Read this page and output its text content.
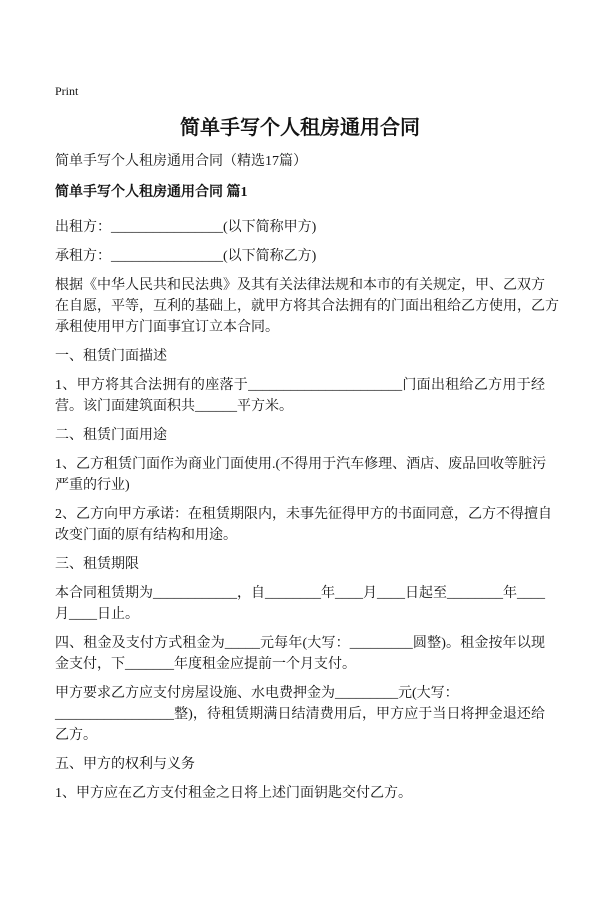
Print
简单手写个人租房通用合同
简单手写个人租房通用合同（精选17篇）
简单手写个人租房通用合同 篇1
出租方：________________(以下简称甲方)
承租方：________________(以下简称乙方)
根据《中华人民共和民法典》及其有关法律法规和本市的有关规定，甲、乙双方
在自愿，平等，互利的基础上，就甲方将其合法拥有的门面出租给乙方使用，乙方
承租使用甲方门面事宜订立本合同。
一、租赁门面描述
1、甲方将其合法拥有的座落于______________________门面出租给乙方用于经
营。该门面建筑面积共______平方米。
二、租赁门面用途
1、乙方租赁门面作为商业门面使用.(不得用于汽车修理、酒店、废品回收等脏污
严重的行业)
2、乙方向甲方承诺：在租赁期限内，未事先征得甲方的书面同意，乙方不得擅自
改变门面的原有结构和用途。
三、租赁期限
本合同租赁期为____________，自________年____月____日起至________年____
月____日止。
四、租金及支付方式租金为_____元每年(大写：_________圆整)。租金按年以现
金支付，下_______年度租金应提前一个月支付。
甲方要求乙方应支付房屋设施、水电费押金为_________元(大写：
_________________整)，待租赁期满日结清费用后，甲方应于当日将押金退还给
乙方。
五、甲方的权利与义务
1、甲方应在乙方支付租金之日将上述门面钥匙交付乙方。
